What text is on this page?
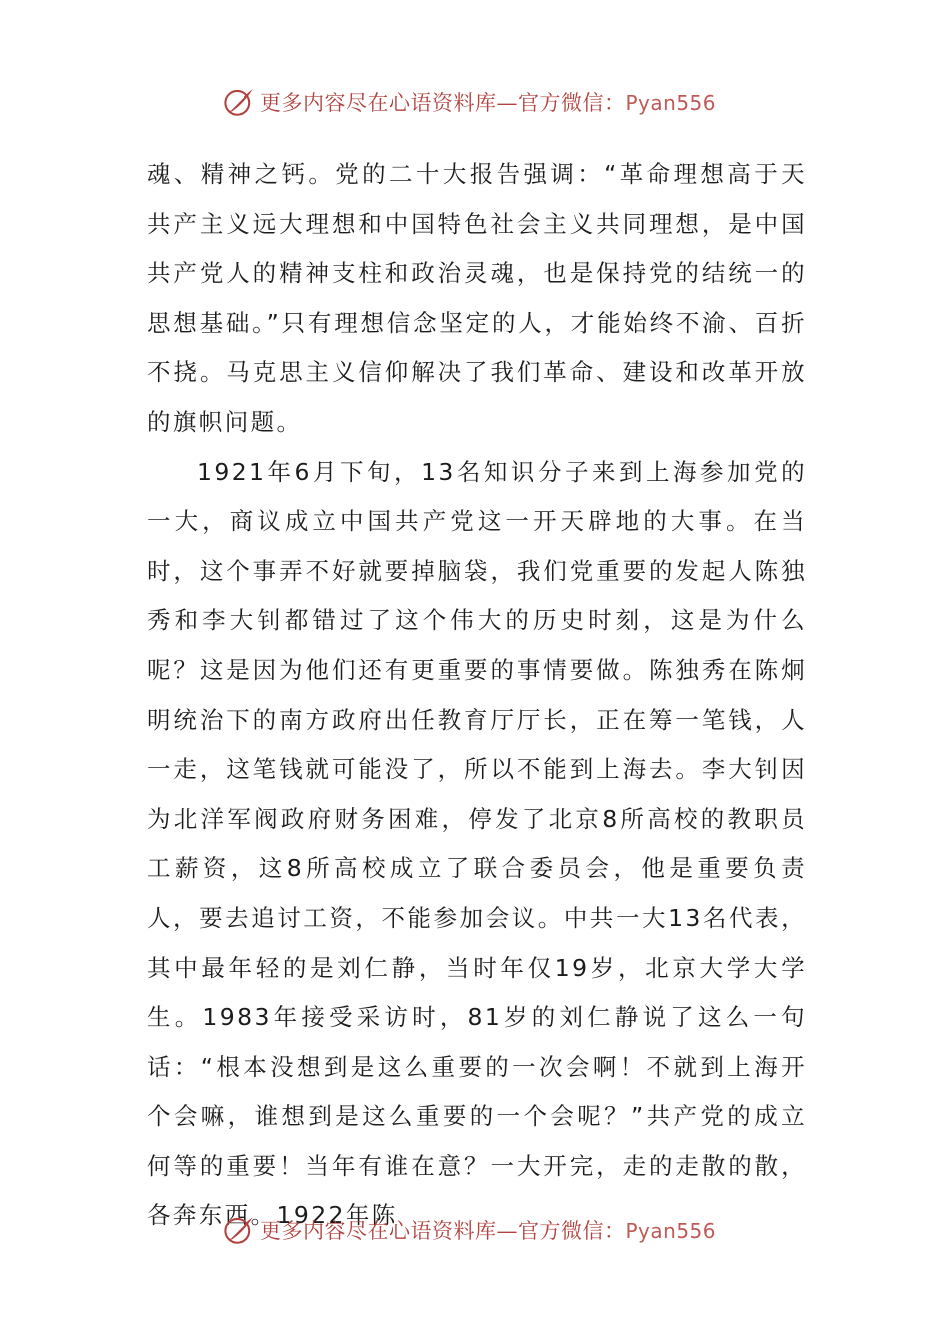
更多内容尽在心语资料库—官方微信：Pyan556

魂、精神之钙。党的二十大报告强调：“革命理想高于天共产主义远大理想和中国特色社会主义共同理想，是中国共产党人的精神支柱和政治灵魂，也是保持党的结统一的思想基础。”只有理想信念坚定的人，才能始终不渝、百折不挠。马克思主义信仰解决了我们革命、建设和改革开放的旗帜问题。

1921年6月下旬，13名知识分子来到上海参加党的一大，商议成立中国共产党这一开天辟地的大事。在当时，这个事弄不好就要掉脑袋，我们党重要的发起人陈独秀和李大钊都错过了这个伟大的历史时刻，这是为什么呢？这是因为他们还有更重要的事情要做。陈独秀在陈炯明统治下的南方政府出任教育厅厅长，正在筹一笔钱，人一走，这笔钱就可能没了，所以不能到上海去。李大钊因为北洋军阀政府财务困难，停发了北京8所高校的教职员工薪资，这8所高校成立了联合委员会，他是重要负责人，要去追讨工资，不能参加会议。中共一大13名代表，其中最年轻的是刘仁静，当时年仅19岁，北京大学大学生。1983年接受采访时，81岁的刘仁静说了这么一句话：“根本没想到是这么重要的一次会啊！不就到上海开个会嘛，谁想到是这么重要的一个会呢？”共产党的成立何等的重要！当年有谁在意？一大开完，走的走散的散，各奔东西。1922年陈

更多内容尽在心语资料库—官方微信：Pyan556
